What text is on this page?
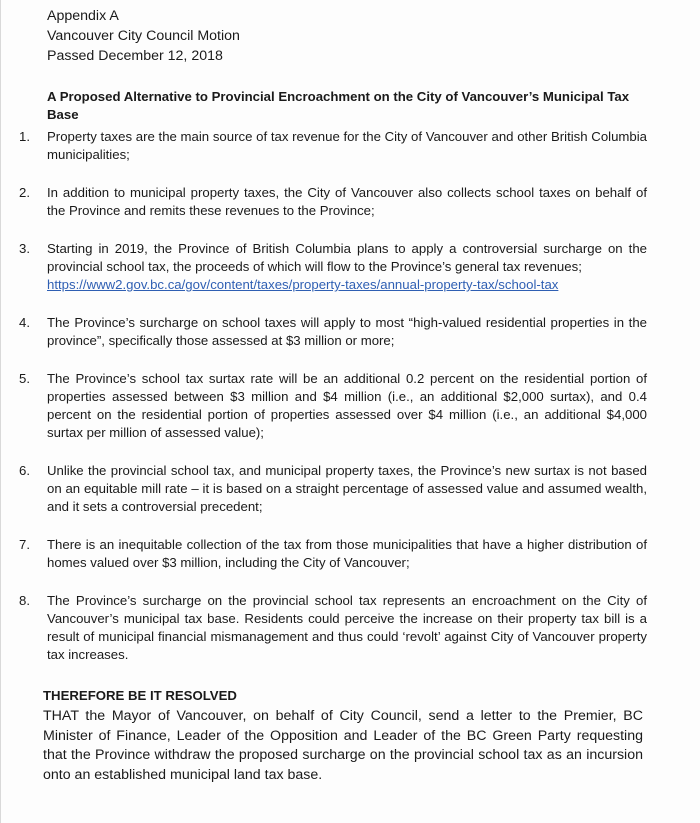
Appendix A
Vancouver City Council Motion
Passed December 12, 2018
A Proposed Alternative to Provincial Encroachment on the City of Vancouver’s Municipal Tax Base
1.	Property taxes are the main source of tax revenue for the City of Vancouver and other British Columbia municipalities;
2.	In addition to municipal property taxes, the City of Vancouver also collects school taxes on behalf of the Province and remits these revenues to the Province;
3.	Starting in 2019, the Province of British Columbia plans to apply a controversial surcharge on the provincial school tax, the proceeds of which will flow to the Province’s general tax revenues;
https://www2.gov.bc.ca/gov/content/taxes/property-taxes/annual-property-tax/school-tax
4.	The Province’s surcharge on school taxes will apply to most “high-valued residential properties in the province”, specifically those assessed at $3 million or more;
5.	The Province’s school tax surtax rate will be an additional 0.2 percent on the residential portion of properties assessed between $3 million and $4 million (i.e., an additional $2,000 surtax), and 0.4 percent on the residential portion of properties assessed over $4 million (i.e., an additional $4,000 surtax per million of assessed value);
6.	Unlike the provincial school tax, and municipal property taxes, the Province’s new surtax is not based on an equitable mill rate – it is based on a straight percentage of assessed value and assumed wealth, and it sets a controversial precedent;
7.	There is an inequitable collection of the tax from those municipalities that have a higher distribution of homes valued over $3 million, including the City of Vancouver;
8.	The Province’s surcharge on the provincial school tax represents an encroachment on the City of Vancouver’s municipal tax base. Residents could perceive the increase on their property tax bill is a result of municipal financial mismanagement and thus could ‘revolt’ against City of Vancouver property tax increases.
THEREFORE BE IT RESOLVED
THAT the Mayor of Vancouver, on behalf of City Council, send a letter to the Premier, BC Minister of Finance, Leader of the Opposition and Leader of the BC Green Party requesting that the Province withdraw the proposed surcharge on the provincial school tax as an incursion onto an established municipal land tax base.
